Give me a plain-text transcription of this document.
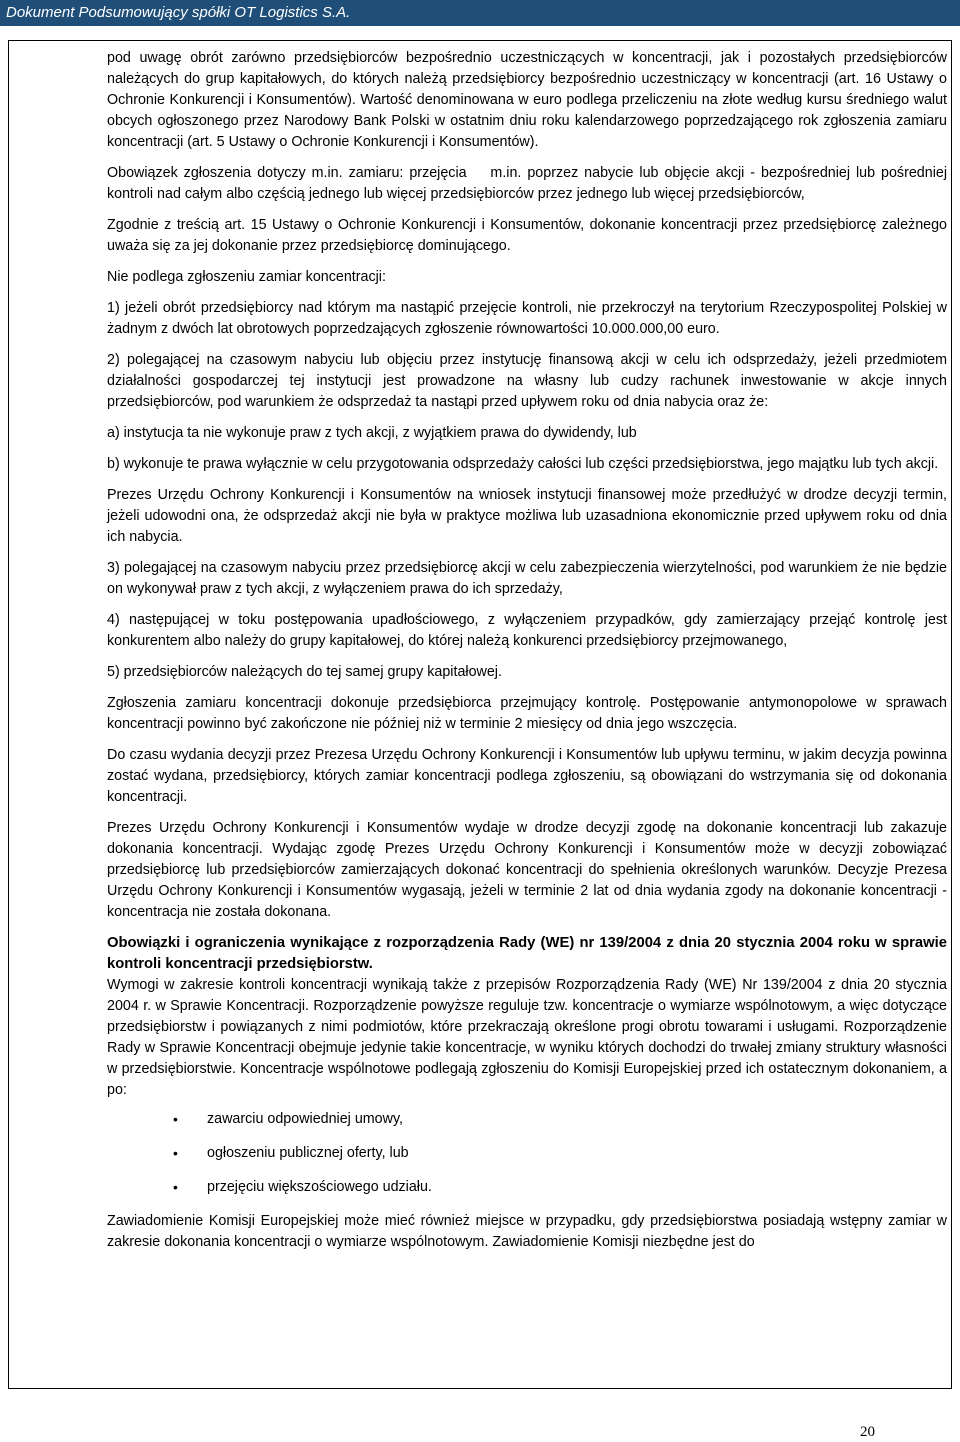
Dokument Podsumowujący spółki OT Logistics S.A.

pod uwagę obrót zarówno przedsiębiorców bezpośrednio uczestniczących w koncentracji, jak i pozostałych przedsiębiorców należących do grup kapitałowych, do których należą przedsiębiorcy bezpośrednio uczestniczący w koncentracji (art. 16 Ustawy o Ochronie Konkurencji i Konsumentów). Wartość denominowana w euro podlega przeliczeniu na złote według kursu średniego walut obcych ogłoszonego przez Narodowy Bank Polski w ostatnim dniu roku kalendarzowego poprzedzającego rok zgłoszenia zamiaru koncentracji (art. 5 Ustawy o Ochronie Konkurencji i Konsumentów).

Obowiązek zgłoszenia dotyczy m.in. zamiaru: przejęcia    m.in. poprzez nabycie lub objęcie akcji - bezpośredniej lub pośredniej kontroli nad całym albo częścią jednego lub więcej przedsiębiorców przez jednego lub więcej przedsiębiorców,

Zgodnie z treścią art. 15 Ustawy o Ochronie Konkurencji i Konsumentów, dokonanie koncentracji przez przedsiębiorcę zależnego uważa się za jej dokonanie przez przedsiębiorcę dominującego.

Nie podlega zgłoszeniu zamiar koncentracji:

1) jeżeli obrót przedsiębiorcy nad którym ma nastąpić przejęcie kontroli, nie przekroczył na terytorium Rzeczypospolitej Polskiej w żadnym z dwóch lat obrotowych poprzedzających zgłoszenie równowartości 10.000.000,00 euro.

2) polegającej na czasowym nabyciu lub objęciu przez instytucję finansową akcji w celu ich odsprzedaży, jeżeli przedmiotem działalności gospodarczej tej instytucji jest prowadzone na własny lub cudzy rachunek inwestowanie w akcje innych przedsiębiorców, pod warunkiem że odsprzedaż ta nastąpi przed upływem roku od dnia nabycia oraz że:

a) instytucja ta nie wykonuje praw z tych akcji, z wyjątkiem prawa do dywidendy, lub

b) wykonuje te prawa wyłącznie w celu przygotowania odsprzedaży całości lub części przedsiębiorstwa, jego majątku lub tych akcji.

Prezes Urzędu Ochrony Konkurencji i Konsumentów na wniosek instytucji finansowej może przedłużyć w drodze decyzji termin, jeżeli udowodni ona, że odsprzedaż akcji nie była w praktyce możliwa lub uzasadniona ekonomicznie przed upływem roku od dnia ich nabycia.

3) polegającej na czasowym nabyciu przez przedsiębiorcę akcji w celu zabezpieczenia wierzytelności, pod warunkiem że nie będzie on wykonywał praw z tych akcji, z wyłączeniem prawa do ich sprzedaży,

4) następującej w toku postępowania upadłościowego, z wyłączeniem przypadków, gdy zamierzający przejąć kontrolę jest konkurentem albo należy do grupy kapitałowej, do której należą konkurenci przedsiębiorcy przejmowanego,

5) przedsiębiorców należących do tej samej grupy kapitałowej.

Zgłoszenia zamiaru koncentracji dokonuje przedsiębiorca przejmujący kontrolę. Postępowanie antymonopolowe w sprawach koncentracji powinno być zakończone nie później niż w terminie 2 miesięcy od dnia jego wszczęcia.

Do czasu wydania decyzji przez Prezesa Urzędu Ochrony Konkurencji i Konsumentów lub upływu terminu, w jakim decyzja powinna zostać wydana, przedsiębiorcy, których zamiar koncentracji podlega zgłoszeniu, są obowiązani do wstrzymania się od dokonania koncentracji.

Prezes Urzędu Ochrony Konkurencji i Konsumentów wydaje w drodze decyzji zgodę na dokonanie koncentracji lub zakazuje dokonania koncentracji. Wydając zgodę Prezes Urzędu Ochrony Konkurencji i Konsumentów może w decyzji zobowiązać przedsiębiorcę lub przedsiębiorców zamierzających dokonać koncentracji do spełnienia określonych warunków. Decyzje Prezesa Urzędu Ochrony Konkurencji i Konsumentów wygasają, jeżeli w terminie 2 lat od dnia wydania zgody na dokonanie koncentracji - koncentracja nie została dokonana.

Obowiązki i ograniczenia wynikające z rozporządzenia Rady (WE) nr 139/2004 z dnia 20 stycznia 2004 roku w sprawie kontroli koncentracji przedsiębiorstw.

Wymogi w zakresie kontroli koncentracji wynikają także z przepisów Rozporządzenia Rady (WE) Nr 139/2004 z dnia 20 stycznia 2004 r. w Sprawie Koncentracji. Rozporządzenie powyższe reguluje tzw. koncentracje o wymiarze wspólnotowym, a więc dotyczące przedsiębiorstw i powiązanych z nimi podmiotów, które przekraczają określone progi obrotu towarami i usługami. Rozporządzenie Rady w Sprawie Koncentracji obejmuje jedynie takie koncentracje, w wyniku których dochodzi do trwałej zmiany struktury własności w przedsiębiorstwie. Koncentracje wspólnotowe podlegają zgłoszeniu do Komisji Europejskiej przed ich ostatecznym dokonaniem, a po:

• zawarciu odpowiedniej umowy,
• ogłoszeniu publicznej oferty, lub
• przejęciu większościowego udziału.

Zawiadomienie Komisji Europejskiej może mieć również miejsce w przypadku, gdy przedsiębiorstwa posiadają wstępny zamiar w zakresie dokonania koncentracji o wymiarze wspólnotowym. Zawiadomienie Komisji niezbędne jest do

20
